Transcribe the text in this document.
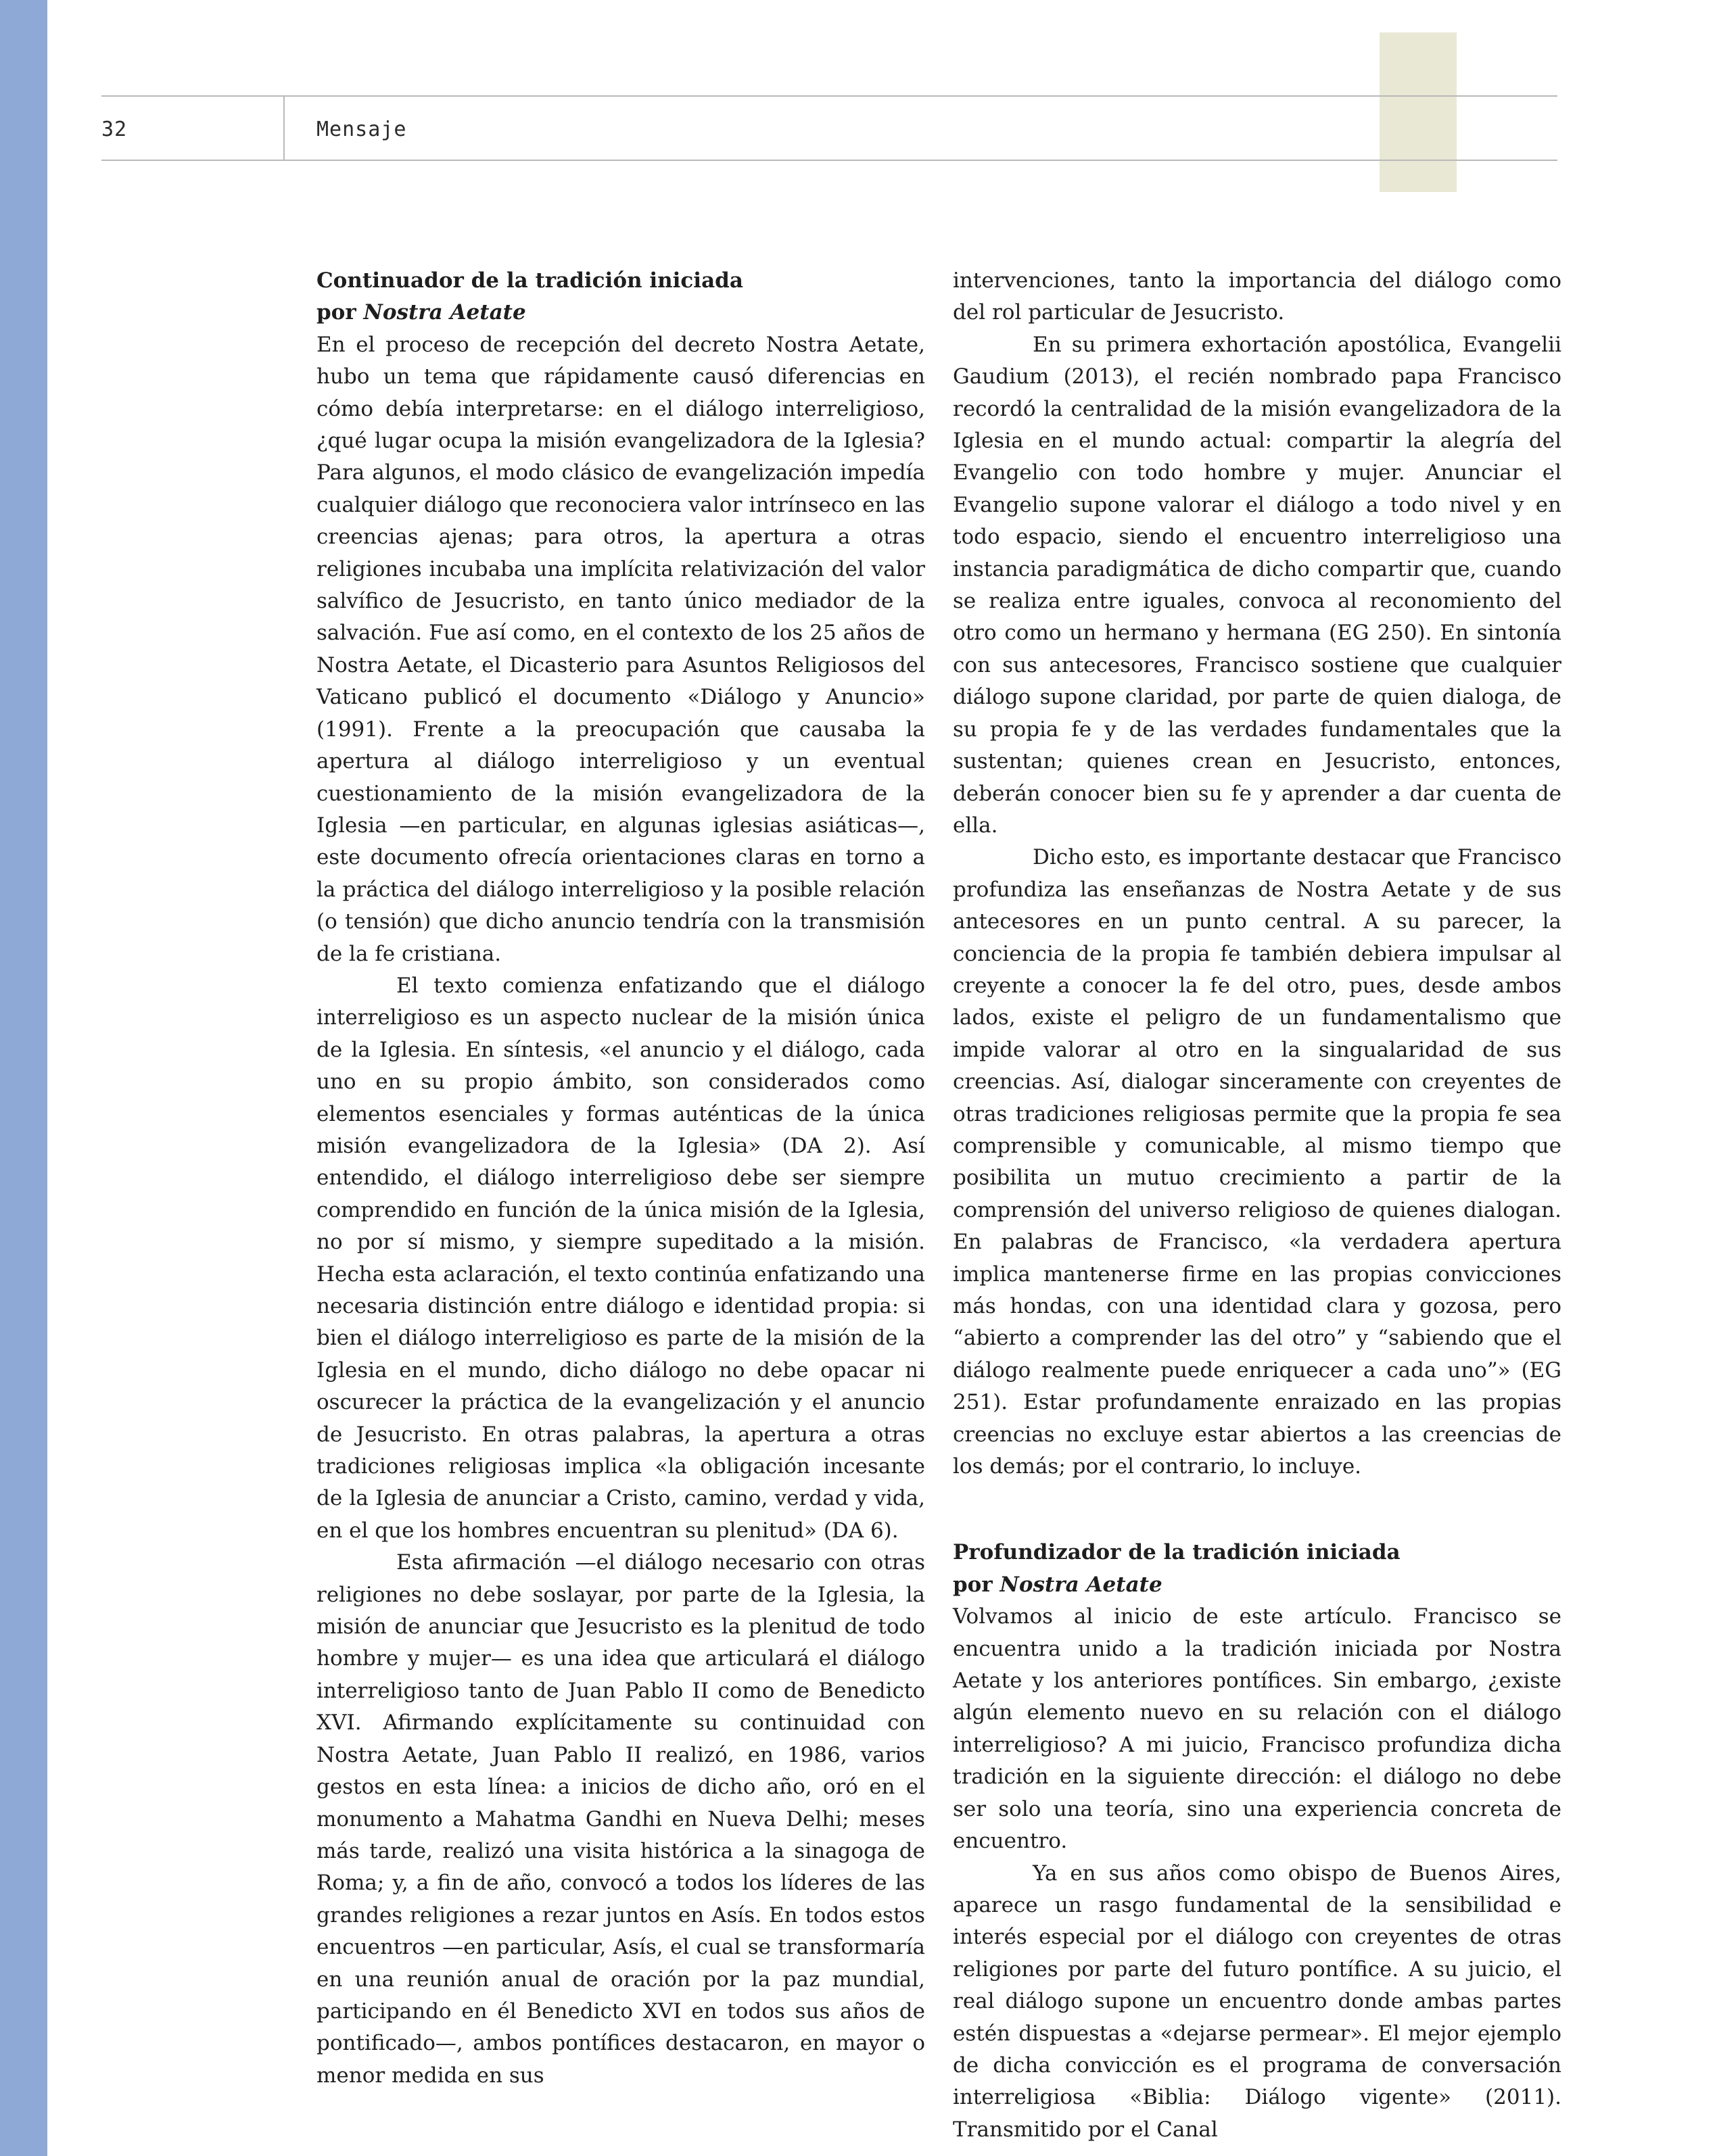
32	Mensaje
Continuador de la tradición iniciada
por Nostra Aetate

En el proceso de recepción del decreto Nostra Aetate, hubo un tema que rápidamente causó diferencias en cómo debía interpretarse: en el diálogo interreligioso, ¿qué lugar ocupa la misión evangelizadora de la Iglesia? Para algunos, el modo clásico de evangelización impedía cualquier diálogo que reconociera valor intrínseco en las creencias ajenas; para otros, la apertura a otras religiones incubaba una implícita relativización del valor salvífico de Jesucristo, en tanto único mediador de la salvación. Fue así como, en el contexto de los 25 años de Nostra Aetate, el Dicasterio para Asuntos Religiosos del Vaticano publicó el documento «Diálogo y Anuncio» (1991). Frente a la preocupación que causaba la apertura al diálogo interreligioso y un eventual cuestionamiento de la misión evangelizadora de la Iglesia —en particular, en algunas iglesias asiáticas—, este documento ofrecía orientaciones claras en torno a la práctica del diálogo interreligioso y la posible relación (o tensión) que dicho anuncio tendría con la transmisión de la fe cristiana.

El texto comienza enfatizando que el diálogo interreligioso es un aspecto nuclear de la misión única de la Iglesia. En síntesis, «el anuncio y el diálogo, cada uno en su propio ámbito, son considerados como elementos esenciales y formas auténticas de la única misión evangelizadora de la Iglesia» (DA 2). Así entendido, el diálogo interreligioso debe ser siempre comprendido en función de la única misión de la Iglesia, no por sí mismo, y siempre supeditado a la misión. Hecha esta aclaración, el texto continúa enfatizando una necesaria distinción entre diálogo e identidad propia: si bien el diálogo interreligioso es parte de la misión de la Iglesia en el mundo, dicho diálogo no debe opacar ni oscurecer la práctica de la evangelización y el anuncio de Jesucristo. En otras palabras, la apertura a otras tradiciones religiosas implica «la obligación incesante de la Iglesia de anunciar a Cristo, camino, verdad y vida, en el que los hombres encuentran su plenitud» (DA 6).

Esta afirmación —el diálogo necesario con otras religiones no debe soslayar, por parte de la Iglesia, la misión de anunciar que Jesucristo es la plenitud de todo hombre y mujer— es una idea que articulará el diálogo interreligioso tanto de Juan Pablo II como de Benedicto XVI. Afirmando explícitamente su continuidad con Nostra Aetate, Juan Pablo II realizó, en 1986, varios gestos en esta línea: a inicios de dicho año, oró en el monumento a Mahatma Gandhi en Nueva Delhi; meses más tarde, realizó una visita histórica a la sinagoga de Roma; y, a fin de año, convocó a todos los líderes de las grandes religiones a rezar juntos en Asís. En todos estos encuentros —en particular, Asís, el cual se transformaría en una reunión anual de oración por la paz mundial, participando en él Benedicto XVI en todos sus años de pontificado—, ambos pontífices destacaron, en mayor o menor medida en sus

intervenciones, tanto la importancia del diálogo como del rol particular de Jesucristo.

En su primera exhortación apostólica, Evangelii Gaudium (2013), el recién nombrado papa Francisco recordó la centralidad de la misión evangelizadora de la Iglesia en el mundo actual: compartir la alegría del Evangelio con todo hombre y mujer. Anunciar el Evangelio supone valorar el diálogo a todo nivel y en todo espacio, siendo el encuentro interreligioso una instancia paradigmática de dicho compartir que, cuando se realiza entre iguales, convoca al reconomiento del otro como un hermano y hermana (EG 250). En sintonía con sus antecesores, Francisco sostiene que cualquier diálogo supone claridad, por parte de quien dialoga, de su propia fe y de las verdades fundamentales que la sustentan; quienes crean en Jesucristo, entonces, deberán conocer bien su fe y aprender a dar cuenta de ella.

Dicho esto, es importante destacar que Francisco profundiza las enseñanzas de Nostra Aetate y de sus antecesores en un punto central. A su parecer, la conciencia de la propia fe también debiera impulsar al creyente a conocer la fe del otro, pues, desde ambos lados, existe el peligro de un fundamentalismo que impide valorar al otro en la singualaridad de sus creencias. Así, dialogar sinceramente con creyentes de otras tradiciones religiosas permite que la propia fe sea comprensible y comunicable, al mismo tiempo que posibilita un mutuo crecimiento a partir de la comprensión del universo religioso de quienes dialogan. En palabras de Francisco, «la verdadera apertura implica mantenerse firme en las propias convicciones más hondas, con una identidad clara y gozosa, pero “abierto a comprender las del otro” y “sabiendo que el diálogo realmente puede enriquecer a cada uno”» (EG 251). Estar profundamente enraizado en las propias creencias no excluye estar abiertos a las creencias de los demás; por el contrario, lo incluye.

Profundizador de la tradición iniciada
por Nostra Aetate

Volvamos al inicio de este artículo. Francisco se encuentra unido a la tradición iniciada por Nostra Aetate y los anteriores pontífices. Sin embargo, ¿existe algún elemento nuevo en su relación con el diálogo interreligioso? A mi juicio, Francisco profundiza dicha tradición en la siguiente dirección: el diálogo no debe ser solo una teoría, sino una experiencia concreta de encuentro.

Ya en sus años como obispo de Buenos Aires, aparece un rasgo fundamental de la sensibilidad e interés especial por el diálogo con creyentes de otras religiones por parte del futuro pontífice. A su juicio, el real diálogo supone un encuentro donde ambas partes estén dispuestas a «dejarse permear». El mejor ejemplo de dicha convicción es el programa de conversación interreligiosa «Biblia: Diálogo vigente» (2011). Transmitido por el Canal
